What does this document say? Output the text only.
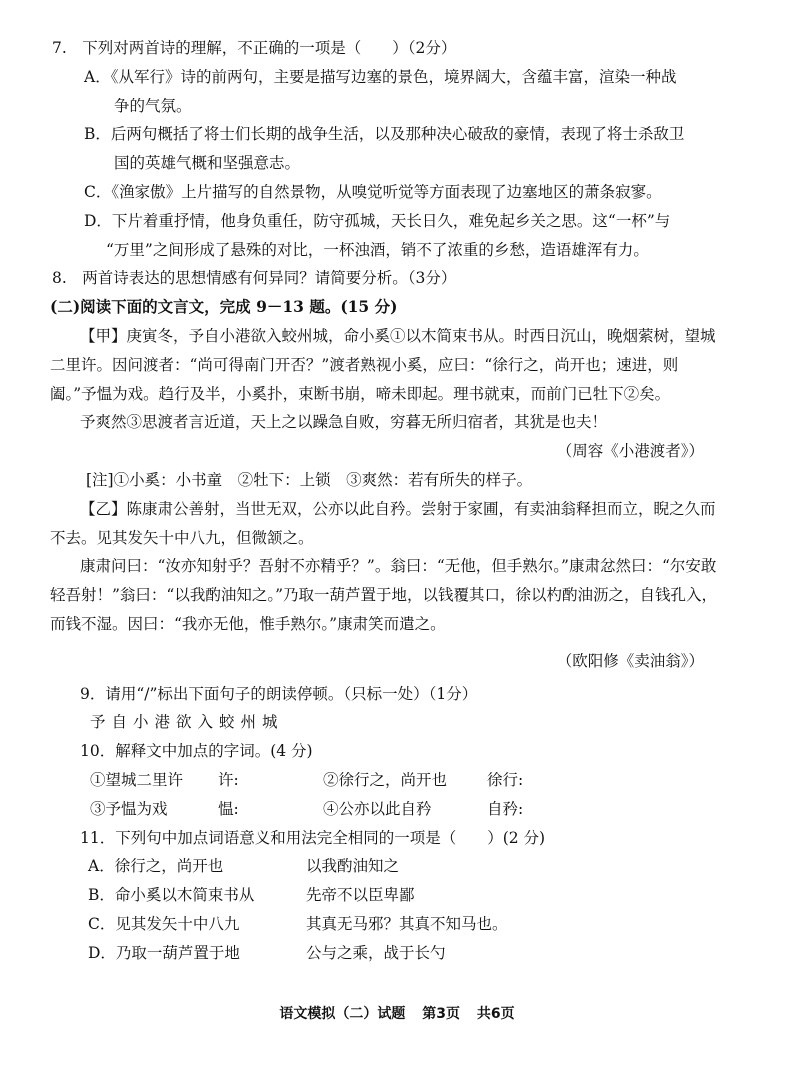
7.　下列对两首诗的理解，不正确的一项是（　　）（2分）
A．《从军行》诗的前两句，主要是描写边塞的景色，境界阔大，含蕴丰富，渲染一种战
争的气氛。
B．后两句概括了将士们长期的战争生活，以及那种决心破敌的豪情，表现了将士杀敌卫
国的英雄气概和坚强意志。
C．《渔家傲》上片描写的自然景物，从嗅觉听觉等方面表现了边塞地区的萧条寂寥。
D．下片着重抒情，他身负重任，防守孤城，天长日久，难免起乡关之思。这“一杯”与
“万里”之间形成了悬殊的对比，一杯浊酒，销不了浓重的乡愁，造语雄浑有力。
8.　两首诗表达的思想情感有何异同？请简要分析。（3分）
(二)阅读下面的文言文，完成 9－13 题。(15 分)
【甲】庚寅冬，予自小港欲入蛟州城，命小奚①以木简束书从。时西日沉山，晚烟萦树，望城二里许。因问渡者：“尚可得南门开否？”渡者熟视小奚，应曰：“徐行之，尚开也；速进，则阖。”予愠为戏。趋行及半，小奚扑，束断书崩，啼未即起。理书就束，而前门已牡下②矣。
予爽然③思渡者言近道，天上之以躁急自败，穷暮无所归宿者，其犹是也夫！
（周容《小港渡者》）
[注]①小奚：小书童　②牡下：上锁　③爽然：若有所失的样子。
【乙】陈康肃公善射，当世无双，公亦以此自矜。尝射于家圃，有卖油翁释担而立，睨之久而不去。见其发矢十中八九，但微颔之。
康肃问曰：“汝亦知射乎？吾射不亦精乎？”。翁曰：“无他，但手熟尔。”康肃忿然曰：“尔安敢轻吾射！”翁曰：“以我酌油知之。”乃取一葫芦置于地，以钱覆其口，徐以杓酌油沥之，自钱孔入，而钱不湿。因曰：“我亦无他，惟手熟尔。”康肃笑而遣之。
（欧阳修《卖油翁》）
9．请用“/”标出下面句子的朗读停顿。（只标一处）（1分）
予自小港欲入蛟州城
10．解释文中加点的字词。(4 分)
①望城二里许	许:	②徐行之，尚开也	徐行:
③予愠为戏	愠:	④公亦以此自矜	自矜:
11．下列句中加点词语意义和用法完全相同的一项是（　　）(2 分)
A．徐行之，尚开也	以我酌油知之
B．命小奚以木简束书从	先帝不以臣卑鄙
C．见其发矢十中八九	其真无马邪？其真不知马也。
D．乃取一葫芦置于地	公与之乘，战于长勺
语文模拟（二）试题 第3页 共6页
